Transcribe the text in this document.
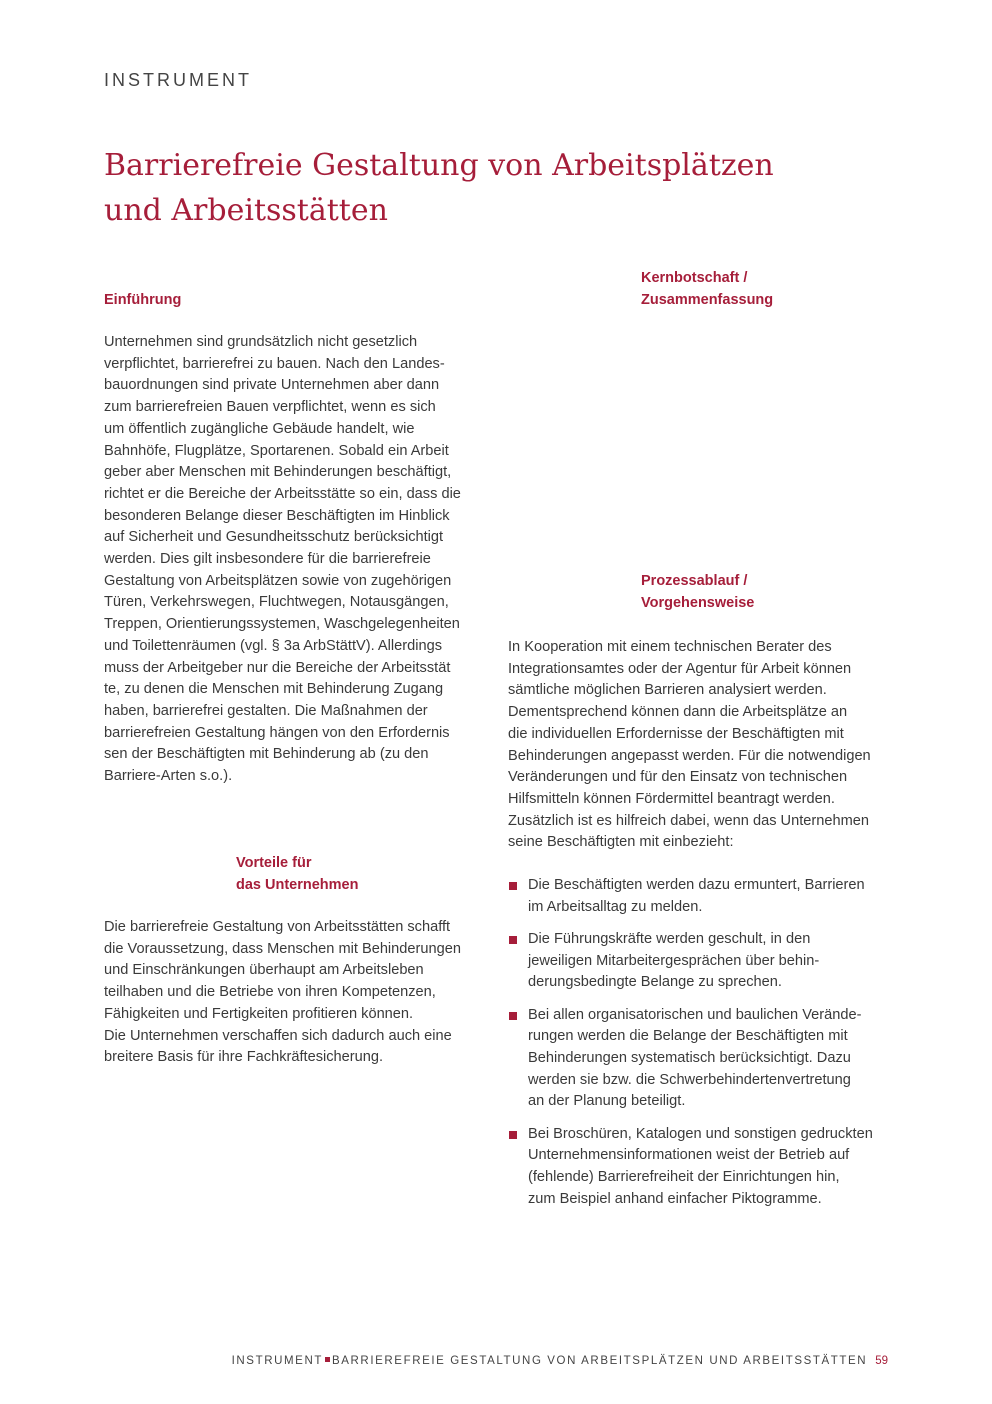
INSTRUMENT
Barrierefreie Gestaltung von Arbeitsplätzen
und Arbeitsstätten
Einführung
Unternehmen sind grundsätzlich nicht gesetzlich
verpflichtet, barrierefrei zu bauen. Nach den Landes-
bauordnungen sind private Unternehmen aber dann
zum barrierefreien Bauen verpflichtet, wenn es sich
um öffentlich zugängliche Gebäude handelt, wie
Bahnhöfe, Flugplätze, Sportarenen. Sobald ein Arbeit
geber aber Menschen mit Behinderungen beschäftigt,
richtet er die Bereiche der Arbeitsstätte so ein, dass die
besonderen Belange dieser Beschäftigten im Hinblick
auf Sicherheit und Gesundheitsschutz berücksichtigt
werden. Dies gilt insbesondere für die barrierefreie
Gestaltung von Arbeitsplätzen sowie von zugehörigen
Türen, Verkehrswegen, Fluchtwegen, Notausgängen,
Treppen, Orientierungssystemen, Waschgelegenheiten
und Toilettenräumen (vgl. § 3a ArbStättV). Allerdings
muss der Arbeitgeber nur die Bereiche der Arbeitsstät
te, zu denen die Menschen mit Behinderung Zugang
haben, barrierefrei gestalten. Die Maßnahmen der
barrierefreien Gestaltung hängen von den Erfordernis
sen der Beschäftigten mit Behinderung ab (zu den
Barriere-Arten s.o.).
Vorteile für
das Unternehmen
Die barrierefreie Gestaltung von Arbeitsstätten schafft
die Voraussetzung, dass Menschen mit Behinderungen
und Einschränkungen überhaupt am Arbeitsleben
teilhaben und die Betriebe von ihren Kompetenzen,
Fähigkeiten und Fertigkeiten profitieren können.
Die Unternehmen verschaffen sich dadurch auch eine
breitere Basis für ihre Fachkräftesicherung.
Kernbotschaft /
Zusammenfassung
Prozessablauf /
Vorgehensweise
In Kooperation mit einem technischen Berater des
Integrationsamtes oder der Agentur für Arbeit können
sämtliche möglichen Barrieren analysiert werden.
Dementsprechend können dann die Arbeitsplätze an
die individuellen Erfordernisse der Beschäftigten mit
Behinderungen angepasst werden. Für die notwendigen
Veränderungen und für den Einsatz von technischen
Hilfsmitteln können Fördermittel beantragt werden.
Zusätzlich ist es hilfreich dabei, wenn das Unternehmen
seine Beschäftigten mit einbezieht:
Die Beschäftigten werden dazu ermuntert, Barrieren
im Arbeitsalltag zu melden.
Die Führungskräfte werden geschult, in den
jeweiligen Mitarbeitergesprächen über behin-
derungsbedingte Belange zu sprechen.
Bei allen organisatorischen und baulichen Verände-
rungen werden die Belange der Beschäftigten mit
Behinderungen systematisch berücksichtigt. Dazu
werden sie bzw. die Schwerbehindertenvertretung
an der Planung beteiligt.
Bei Broschüren, Katalogen und sonstigen gedruckten
Unternehmensinformationen weist der Betrieb auf
(fehlende) Barrierefreiheit der Einrichtungen hin,
zum Beispiel anhand einfacher Piktogramme.
INSTRUMENT BARRIEREFREIE GESTALTUNG VON ARBEITSPLÄTZEN UND ARBEITSSTÄTTEN 59
